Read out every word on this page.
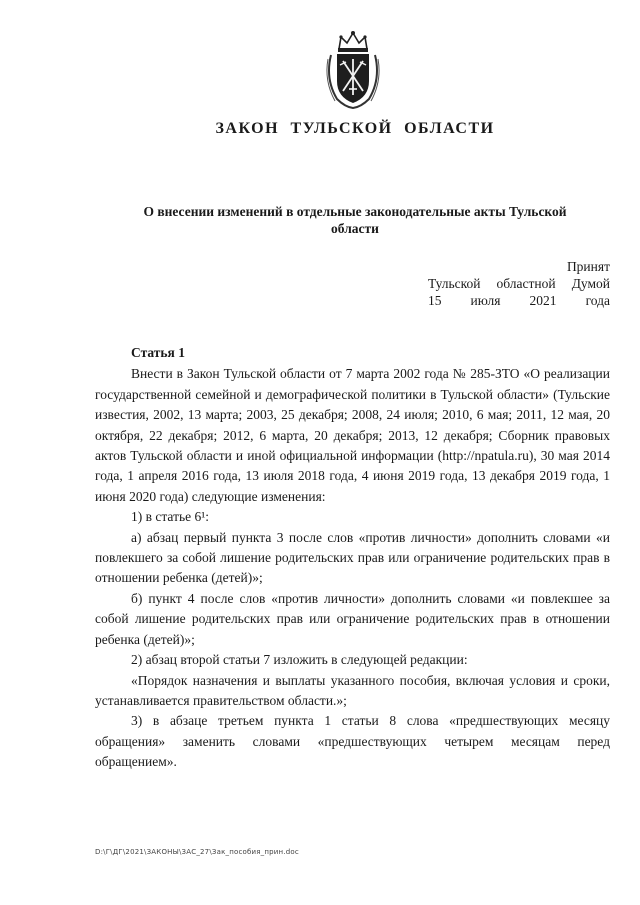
ЗАКОН ТУЛЬСКОЙ ОБЛАСТИ
О внесении изменений в отдельные законодательные акты Тульской области
Принят
Тульской областной Думой
15 июля 2021 года

Статья 1

Внести в Закон Тульской области от 7 марта 2002 года № 285-ЗТО «О реализации государственной семейной и демографической политики в Тульской области» (Тульские известия, 2002, 13 марта; 2003, 25 декабря; 2008, 24 июля; 2010, 6 мая; 2011, 12 мая, 20 октября, 22 декабря; 2012, 6 марта, 20 декабря; 2013, 12 декабря; Сборник правовых актов Тульской области и иной официальной информации (http://npatula.ru), 30 мая 2014 года, 1 апреля 2016 года, 13 июля 2018 года, 4 июня 2019 года, 13 декабря 2019 года, 1 июня 2020 года) следующие изменения:

1) в статье 6¹:

а) абзац первый пункта 3 после слов «против личности» дополнить словами «и повлекшего за собой лишение родительских прав или ограничение родительских прав в отношении ребенка (детей)»;

б) пункт 4 после слов «против личности» дополнить словами «и повлекшее за собой лишение родительских прав или ограничение родительских прав в отношении ребенка (детей)»;

2) абзац второй статьи 7 изложить в следующей редакции:

«Порядок назначения и выплаты указанного пособия, включая условия и сроки, устанавливается правительством области.»;

3) в абзаце третьем пункта 1 статьи 8 слова «предшествующих месяцу обращения» заменить словами «предшествующих четырем месяцам перед обращением».

D:\Г\ДГ\2021\ЗАКОНЫ\ЗАС_27\Зак_пособия_прин.doc
